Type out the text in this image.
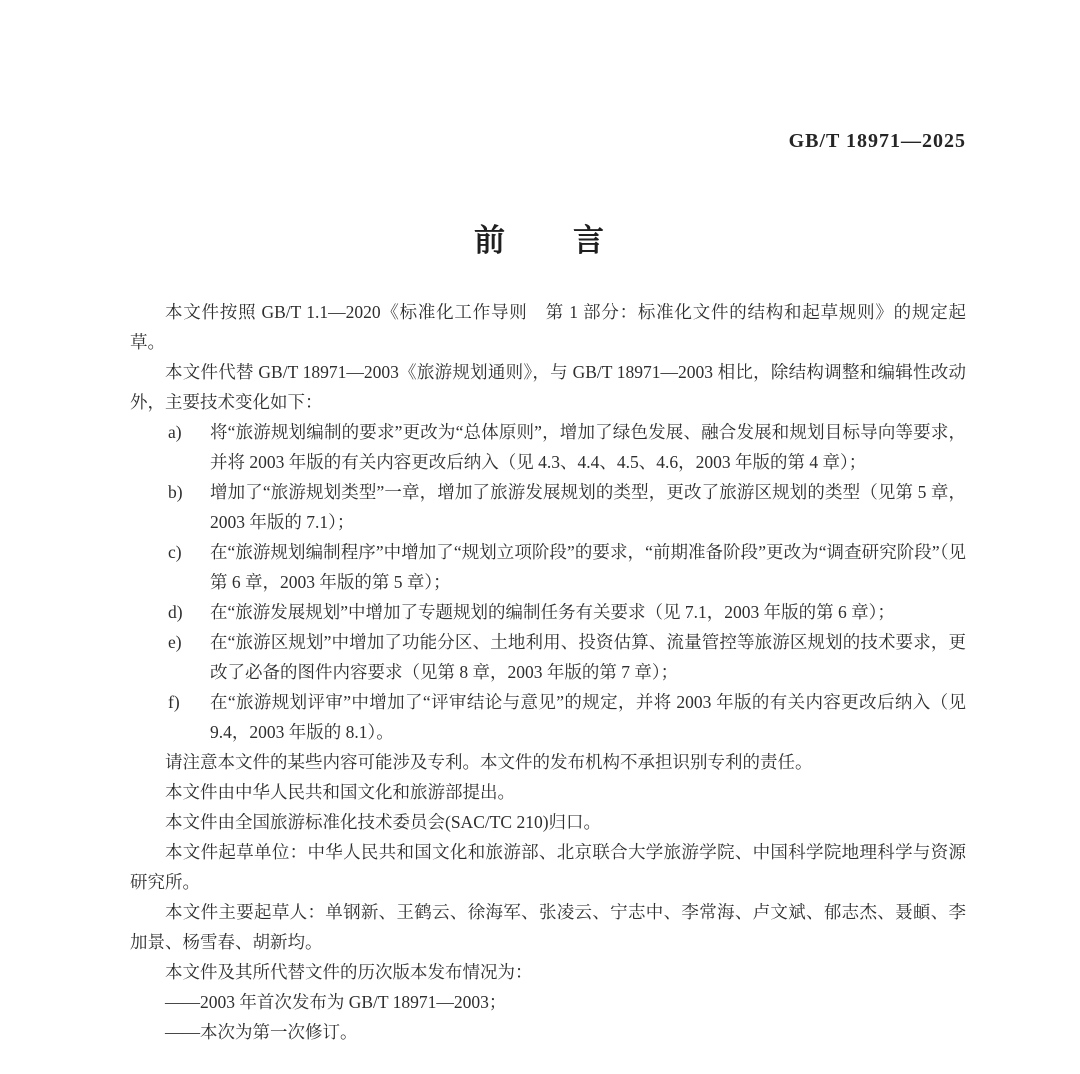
GB/T 18971—2025
前　　言

本文件按照 GB/T 1.1—2020《标准化工作导则　第 1 部分：标准化文件的结构和起草规则》的规定起草。

本文件代替 GB/T 18971—2003《旅游规划通则》，与 GB/T 18971—2003 相比，除结构调整和编辑性改动外，主要技术变化如下：

a)	将“旅游规划编制的要求”更改为“总体原则”，增加了绿色发展、融合发展和规划目标导向等要求，并将 2003 年版的有关内容更改后纳入（见 4.3、4.4、4.5、4.6，2003 年版的第 4 章）；
b)	增加了“旅游规划类型”一章，增加了旅游发展规划的类型，更改了旅游区规划的类型（见第 5 章，2003 年版的 7.1）；
c)	在“旅游规划编制程序”中增加了“规划立项阶段”的要求，“前期准备阶段”更改为“调查研究阶段”（见第 6 章，2003 年版的第 5 章）；
d)	在“旅游发展规划”中增加了专题规划的编制任务有关要求（见 7.1，2003 年版的第 6 章）；
e)	在“旅游区规划”中增加了功能分区、土地利用、投资估算、流量管控等旅游区规划的技术要求，更改了必备的图件内容要求（见第 8 章，2003 年版的第 7 章）；
f)	在“旅游规划评审”中增加了“评审结论与意见”的规定，并将 2003 年版的有关内容更改后纳入（见 9.4，2003 年版的 8.1）。

请注意本文件的某些内容可能涉及专利。本文件的发布机构不承担识别专利的责任。

本文件由中华人民共和国文化和旅游部提出。

本文件由全国旅游标准化技术委员会(SAC/TC 210)归口。

本文件起草单位：中华人民共和国文化和旅游部、北京联合大学旅游学院、中国科学院地理科学与资源研究所。

本文件主要起草人：单钢新、王鹤云、徐海军、张凌云、宁志中、李常海、卢文斌、郁志杰、聂頔、李加景、杨雪春、胡新均。

本文件及其所代替文件的历次版本发布情况为：

——2003 年首次发布为 GB/T 18971—2003；

——本次为第一次修订。
